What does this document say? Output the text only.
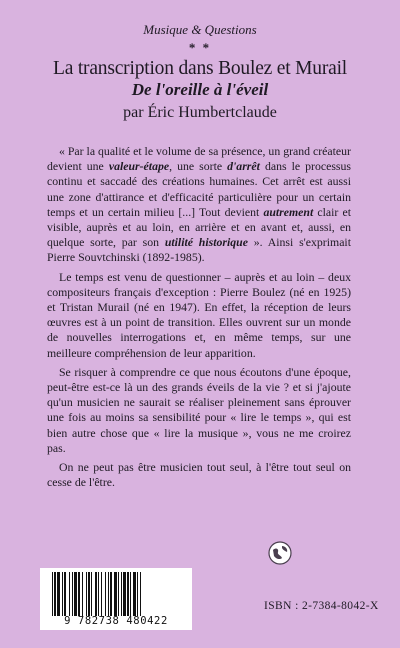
Musique & Questions
* *
La transcription dans Boulez et Murail
De l'oreille à l'éveil
par Éric Humbertclaude

« Par la qualité et le volume de sa présence, un grand créateur devient une valeur-étape, une sorte d'arrêt dans le processus continu et saccadé des créations humaines. Cet arrêt est aussi une zone d'attirance et d'efficacité particulière pour un certain temps et un certain milieu [...] Tout devient autrement clair et visible, auprès et au loin, en arrière et en avant et, aussi, en quelque sorte, par son utilité historique ». Ainsi s'exprimait Pierre Souvtchinski (1892-1985).

Le temps est venu de questionner – auprès et au loin – deux compositeurs français d'exception : Pierre Boulez (né en 1925) et Tristan Murail (né en 1947). En effet, la réception de leurs œuvres est à un point de transition. Elles ouvrent sur un monde de nouvelles interrogations et, en même temps, sur une meilleure compréhension de leur apparition.

Se risquer à comprendre ce que nous écoutons d'une époque, peut-être est-ce là un des grands éveils de la vie ? et si j'ajoute qu'un musicien ne saurait se réaliser pleinement sans éprouver une fois au moins sa sensibilité pour « lire le temps », qui est bien autre chose que « lire la musique », vous ne me croirez pas.

On ne peut pas être musicien tout seul, à l'être tout seul on cesse de l'être.

9 782738 480422
ISBN : 2-7384-8042-X
